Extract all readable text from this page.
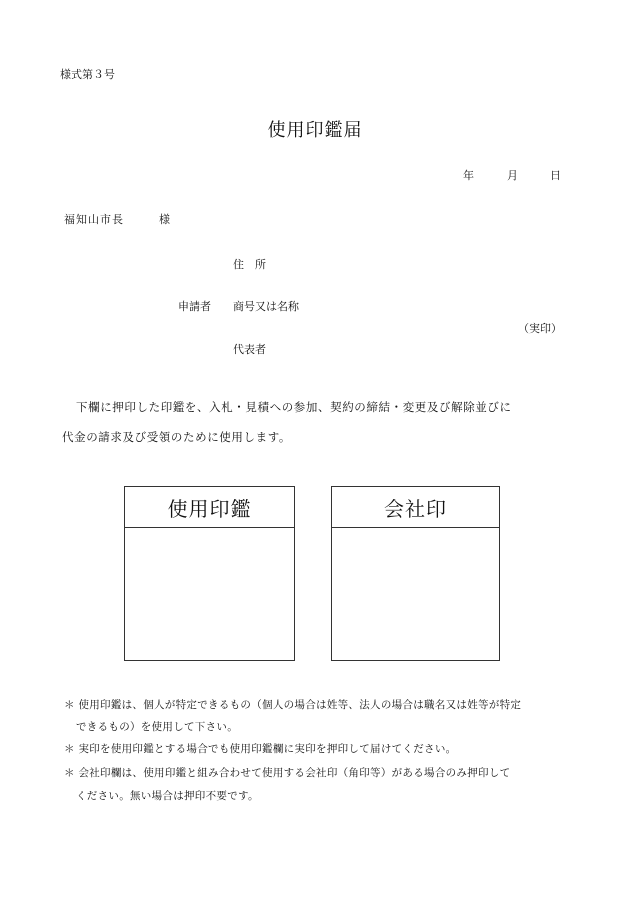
様式第３号
使用印鑑届
年	月	日
福知山市長	様
住　所
申請者 商号又は名称
（実印）
代表者
下欄に押印した印鑑を、入札・見積への参加、契約の締結・変更及び解除並びに
代金の請求及び受領のために使用します。
使用印鑑	会社印
＊ 使用印鑑は、個人が特定できるもの（個人の場合は姓等、法人の場合は職名又は姓等が特定
できるもの）を使用して下さい。
＊ 実印を使用印鑑とする場合でも使用印鑑欄に実印を押印して届けてください。
＊ 会社印欄は、使用印鑑と組み合わせて使用する会社印（角印等）がある場合のみ押印して
ください。無い場合は押印不要です。
